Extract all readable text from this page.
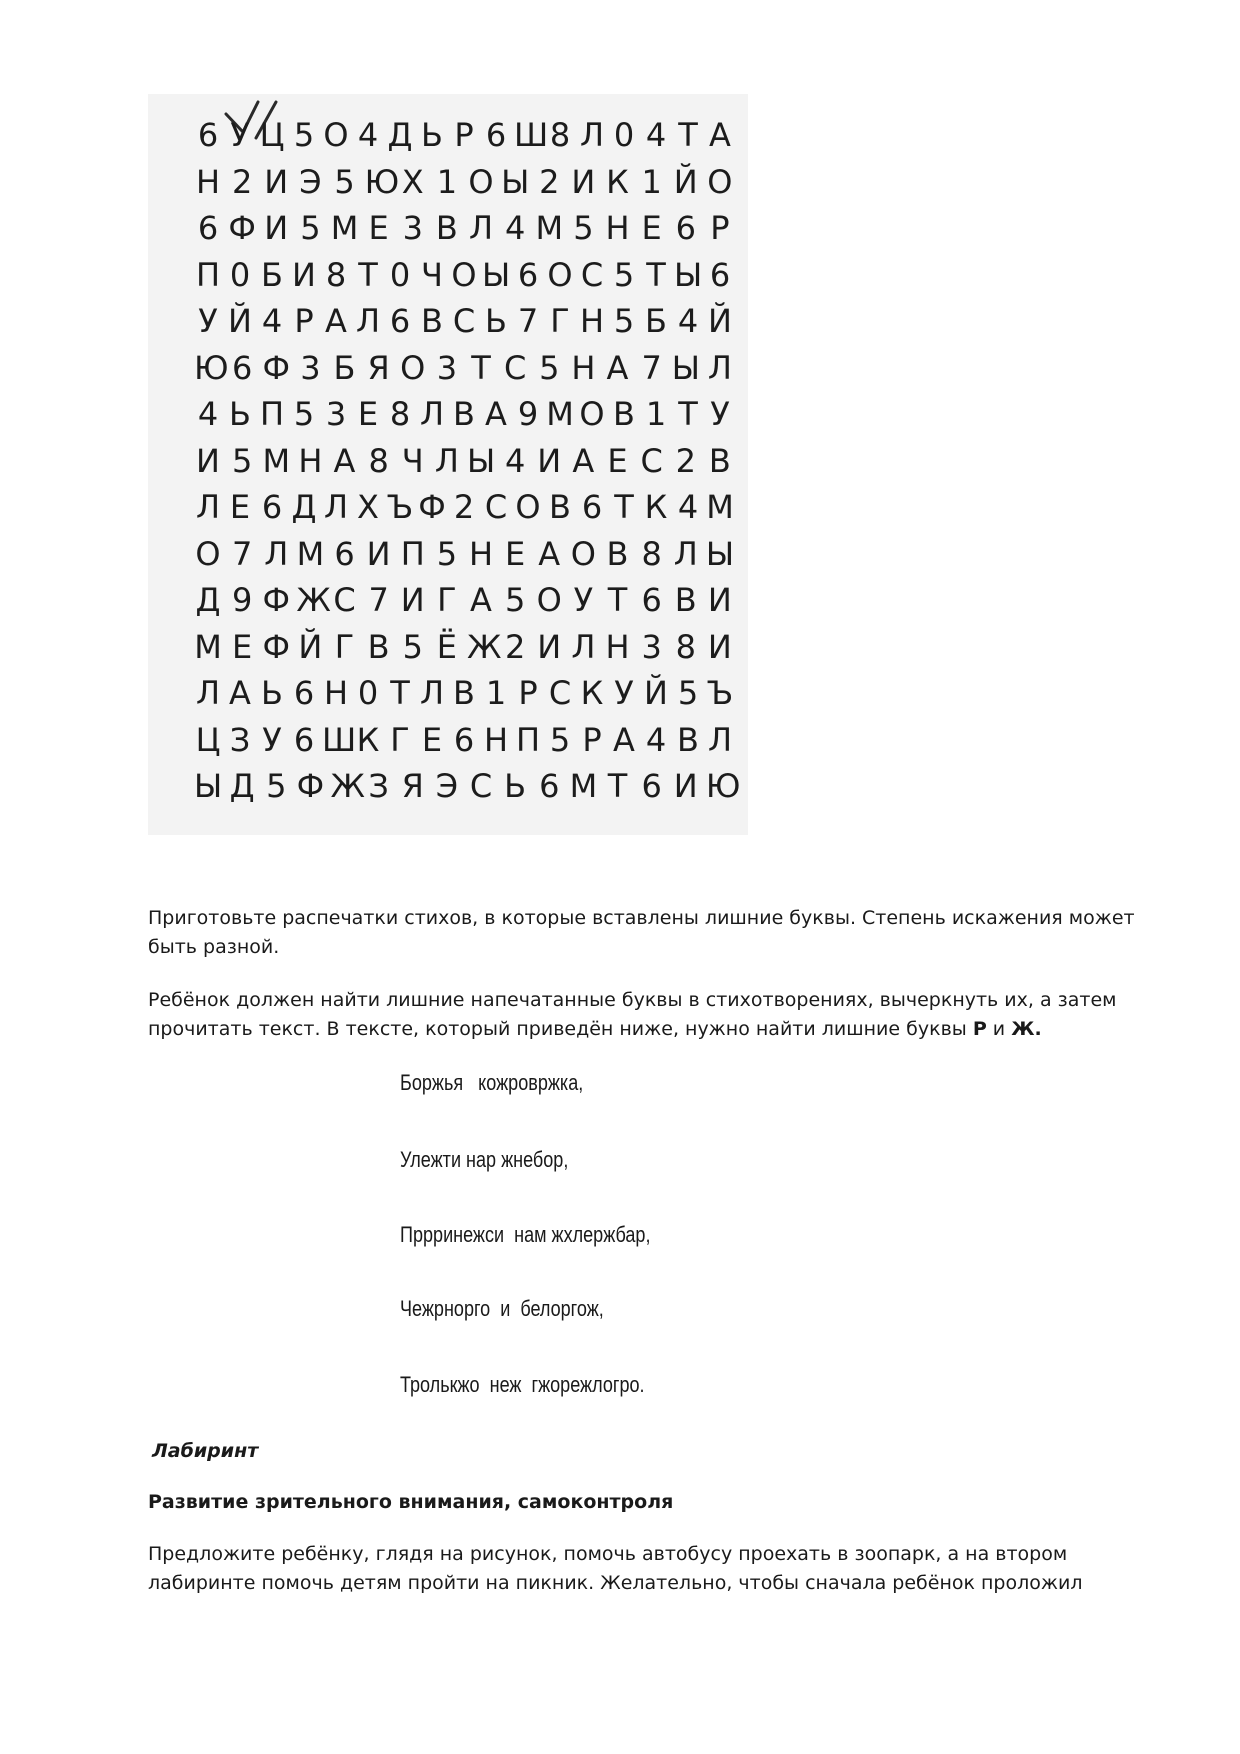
6 У Ц 5 О 4 Д Ь Р 6 Ш 8 Л 0 4 Т А
Н 2 И Э 5 Ю Х 1 О Ы 2 И К 1 Й О
6 Ф И 5 М Е 3 В Л 4 М 5 Н Е 6 Р
П 0 Б И 8 Т 0 Ч О Ы 6 О С 5 Т Ы 6
У Й 4 Р А Л 6 В С Ь 7 Г Н 5 Б 4 Й
Ю 6 Ф 3 Б Я О 3 Т С 5 Н А 7 Ы Л
4 Ь П 5 3 Е 8 Л В А 9 М О В 1 Т У
И 5 М Н А 8 Ч Л Ы 4 И А Е С 2 В
Л Е 6 Д Л Х Ъ Ф 2 С О В 6 Т К 4 М
О 7 Л М 6 И П 5 Н Е А О В 8 Л Ы
Д 9 Ф Ж С 7 И Г А 5 О У Т 6 В И
М Е Ф Й Г В 5 Ё Ж 2 И Л Н 3 8 И
Л А Ь 6 Н 0 Т Л В 1 Р С К У Й 5 Ъ
Ц З У 6 Ш К Г Е 6 Н П 5 Р А 4 В Л
Ы Д 5 Ф Ж З Я Э С Ь 6 М Т 6 И Ю
Приготовьте распечатки стихов, в которые вставлены лишние буквы. Степень искажения может быть разной.
Ребёнок должен найти лишние напечатанные буквы в стихотворениях, вычеркнуть их, а затем прочитать текст. В тексте, который приведён ниже, нужно найти лишние буквы Р и Ж.
Боржья   кожровржка,
Улежти нар жнебор,
Пррринежси  нам жхлержбар,
Чежрнорго  и  белоргож,
Тролькжо  неж  гжорежлогро.
Лабиринт
Развитие зрительного внимания, самоконтроля
Предложите ребёнку, глядя на рисунок, помочь автобусу проехать в зоопарк, а на втором лабиринте помочь детям пройти на пикник. Желательно, чтобы сначала ребёнок проложил
